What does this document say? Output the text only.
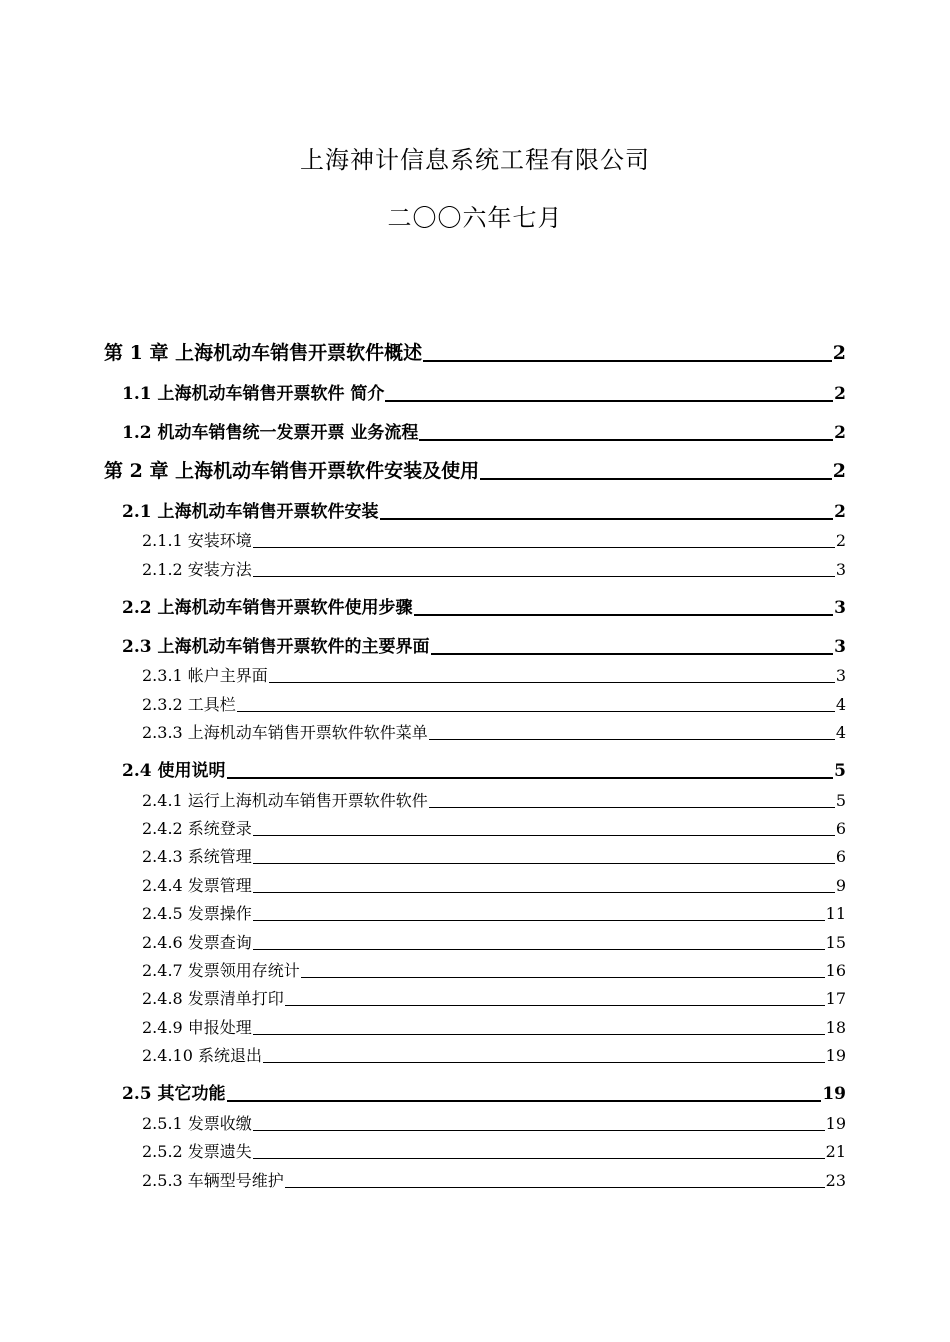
上海神计信息系统工程有限公司
二〇〇六年七月
第 1 章 上海机动车销售开票软件概述	2
1.1 上海机动车销售开票软件 简介	2
1.2 机动车销售统一发票开票 业务流程	2
第 2 章 上海机动车销售开票软件安装及使用	2
2.1 上海机动车销售开票软件安装	2
2.1.1 安装环境	2
2.1.2 安装方法	3
2.2 上海机动车销售开票软件使用步骤	3
2.3 上海机动车销售开票软件的主要界面	3
2.3.1 帐户主界面	3
2.3.2 工具栏	4
2.3.3 上海机动车销售开票软件软件菜单	4
2.4 使用说明	5
2.4.1 运行上海机动车销售开票软件软件	5
2.4.2 系统登录	6
2.4.3 系统管理	6
2.4.4 发票管理	9
2.4.5 发票操作	11
2.4.6 发票查询	15
2.4.7 发票领用存统计	16
2.4.8 发票清单打印	17
2.4.9 申报处理	18
2.4.10 系统退出	19
2.5 其它功能	19
2.5.1 发票收缴	19
2.5.2 发票遗失	21
2.5.3 车辆型号维护	23
